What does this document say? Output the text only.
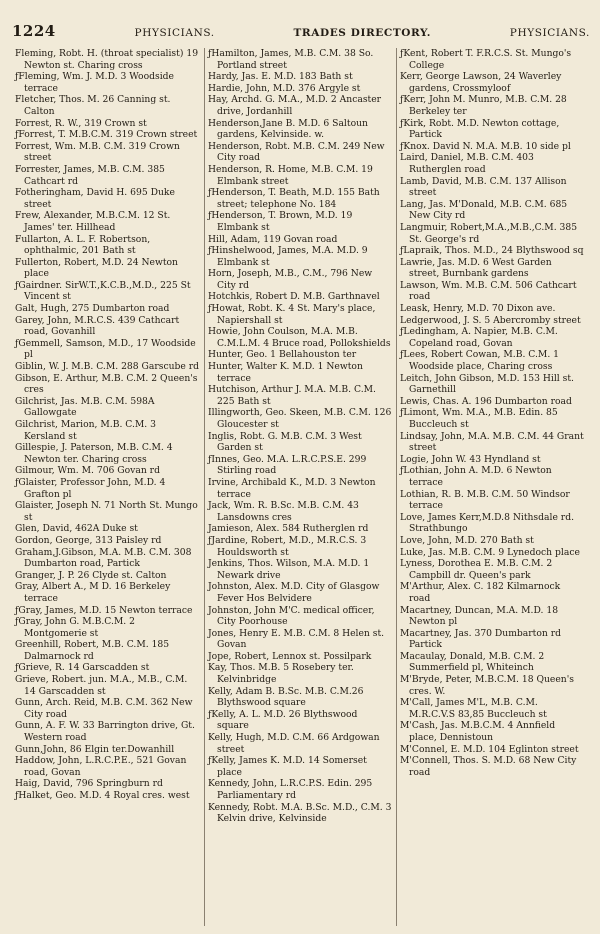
1224	PHYSICIANS.	TRADES DIRECTORY.	PHYSICIANS.
Fleming, Robt. H. (throat specialist) 19 Newton st. Charing cross
ƒFleming, Wm. J. M.D. 3 Woodside terrace
Fletcher, Thos. M. 26 Canning st. Calton
Forrest, R. W., 319 Crown st
ƒForrest, T. M.B.C.M. 319 Crown street
Forrest, Wm. M.B. C.M. 319 Crown street
Forrester, James, M.B. C.M. 385 Cathcart rd
Fotheringham, David H. 695 Duke street
Frew, Alexander, M.B.C.M. 12 St. James' ter. Hillhead
Fullarton, A. L. F. Robertson, ophthalmic, 201 Bath st
Fullerton, Robert, M.D. 24 Newton place
ƒGairdner. SirW.T.,K.C.B.,M.D., 225 St Vincent st
Galt, Hugh, 275 Dumbarton road
Garey, John, M.R.C.S. 439 Cathcart road, Govanhill
ƒGemmell, Samson, M.D., 17 Woodside pl
Giblin, W. J. M.B. C.M. 288 Garscube rd
Gibson, E. Arthur, M.B. C.M. 2 Queen's cres
Gilchrist, Jas. M.B. C.M. 598A Gallowgate
Gilchrist, Marion, M.B. C.M. 3 Kersland st
Gillespie, J. Paterson, M.B. C.M. 4 Newton ter. Charing cross
Gilmour, Wm. M. 706 Govan rd
ƒGlaister, Professor John, M.D. 4 Grafton pl
Glaister, Joseph N. 71 North St. Mungo st
Glen, David, 462A Duke st
Gordon, George, 313 Paisley rd
Graham,J.Gibson, M.A. M.B. C.M. 308 Dumbarton road, Partick
Granger, J. P. 26 Clyde st. Calton
Gray, Albert A., M D. 16 Berkeley terrace
ƒGray, James, M.D. 15 Newton terrace
ƒGray, John G. M.B.C.M. 2 Montgomerie st
Greenhill, Robert, M.B. C.M. 185 Dalmarnock rd
ƒGrieve, R. 14 Garscadden st
Grieve, Robert. jun. M.A., M.B., C.M. 14 Garscadden st
Gunn, Arch. Reid, M.B. C.M. 362 New City road
Gunn, A. F. W. 33 Barrington drive, Gt. Western road
Gunn,John, 86 Elgin ter.Dowanhill
Haddow, John, L.R.C.P.E., 521 Govan road, Govan
Haig, David, 796 Springburn rd
ƒHalket, Geo. M.D. 4 Royal cres. west
ƒHamilton, James, M.B. C.M. 38 So. Portland street
Hardy, Jas. E. M.D. 183 Bath st
Hardie, John, M.D. 376 Argyle st
Hay, Archd. G. M.A., M.D. 2 Ancaster drive, Jordanhill
Henderson,Jane B. M.D. 6 Saltoun gardens, Kelvinside. w.
Henderson, Robt. M.B. C.M. 249 New City road
Henderson, R. Home, M.B. C.M. 19 Elmbank street
ƒHenderson, T. Beath, M.D. 155 Bath street; telephone No. 184
ƒHenderson, T. Brown, M.D. 19 Elmbank st
Hill, Adam, 119 Govan road
ƒHinshelwood, James, M.A. M.D. 9 Elmbank st
Horn, Joseph, M.B., C.M., 796 New City rd
Hotchkis, Robert D. M.B. Garthnavel
ƒHowat, Robt. K. 4 St. Mary's place, Napiershall st
Howie, John Coulson, M.A. M.B. C.M.L.M. 4 Bruce road, Pollokshields
Hunter, Geo. 1 Bellahouston ter
Hunter, Walter K. M.D. 1 Newton terrace
Hutchison, Arthur J. M.A. M.B. C.M. 225 Bath st
Illingworth, Geo. Skeen, M.B. C.M. 126 Gloucester st
Inglis, Robt. G. M.B. C.M. 3 West Garden st
ƒInnes, Geo. M.A. L.R.C.P.S.E. 299 Stirling road
Irvine, Archibald K., M.D. 3 Newton terrace
Jack, Wm. R. B.Sc. M.B. C.M. 43 Lansdowns cres
Jamieson, Alex. 584 Rutherglen rd
ƒJardine, Robert, M.D., M.R.C.S. 3 Houldsworth st
Jenkins, Thos. Wilson, M.A. M.D. 1 Newark drive
Johnston, Alex. M.D. City of Glasgow Fever Hos Belvidere
Johnston, John M'C. medical officer, City Poorhouse
Jones, Henry E. M.B. C.M. 8 Helen st. Govan
Jope, Robert, Lennox st. Possilpark
Kay, Thos. M.B. 5 Rosebery ter. Kelvinbridge
Kelly, Adam B. B.Sc. M.B. C.M.26 Blythswood square
ƒKelly, A. L. M.D. 26 Blythswood square
Kelly, Hugh, M.D. C.M. 66 Ardgowan street
ƒKelly, James K. M.D. 14 Somerset place
Kennedy, John, L.R.C.P.S. Edin. 295 Parliamentary rd
Kennedy, Robt. M.A. B.Sc. M.D., C.M. 3 Kelvin drive, Kelvinside
ƒKent, Robert T. F.R.C.S. St. Mungo's College
Kerr, George Lawson, 24 Waverley gardens, Crossmyloof
ƒKerr, John M. Munro, M.B. C.M. 28 Berkeley ter
ƒKirk, Robt. M.D. Newton cottage, Partick
ƒKnox. David N. M.A. M.B. 10 side pl
Laird, Daniel, M.B. C.M. 403 Rutherglen road
Lamb, David, M.B. C.M. 137 Allison street
Lang, Jas. M'Donald, M.B. C.M. 685 New City rd
Langmuir, Robert,M.A.,M.B.,C.M. 385 St. George's rd
ƒLapraik, Thos. M.D., 24 Blythswood sq
Lawrie, Jas. M.D. 6 West Garden street, Burnbank gardens
Lawson, Wm. M.B. C.M. 506 Cathcart road
Leask, Henry, M.D. 70 Dixon ave.
Ledgerwood, J. S. 5 Abercromby street
ƒLedingham, A. Napier, M.B. C.M. Copeland road, Govan
ƒLees, Robert Cowan, M.B. C.M. 1 Woodside place, Charing cross
Leitch, John Gibson, M.D. 153 Hill st. Garnethill
Lewis, Chas. A. 196 Dumbarton road
ƒLimont, Wm. M.A., M.B. Edin. 85 Buccleuch st
Lindsay, John, M.A. M.B. C.M. 44 Grant street
Logie, John W. 43 Hyndland st
ƒLothian, John A. M.D. 6 Newton terrace
Lothian, R. B. M.B. C.M. 50 Windsor terrace
Love, James Kerr,M.D.8 Nithsdale rd. Strathbungo
Love, John, M.D. 270 Bath st
Luke, Jas. M.B. C.M. 9 Lynedoch place
Lyness, Dorothea E. M.B. C.M. 2 Campbill dr. Queen's park
M'Arthur, Alex. C. 182 Kilmarnock road
Macartney, Duncan, M.A. M.D. 18 Newton pl
Macartney, Jas. 370 Dumbarton rd Partick
Macaulay, Donald, M.B. C.M. 2 Summerfield pl, Whiteinch
M'Bryde, Peter, M.B.C.M. 18 Queen's cres. W.
M'Call, James M'L, M.B. C.M. M.R.C.V.S 83,85 Buccleuch st
M'Cash, Jas. M.B.C.M. 4 Annfield place, Dennistoun
M'Connel, E. M.D. 104 Eglinton street
M'Connell, Thos. S. M.D. 68 New City road
